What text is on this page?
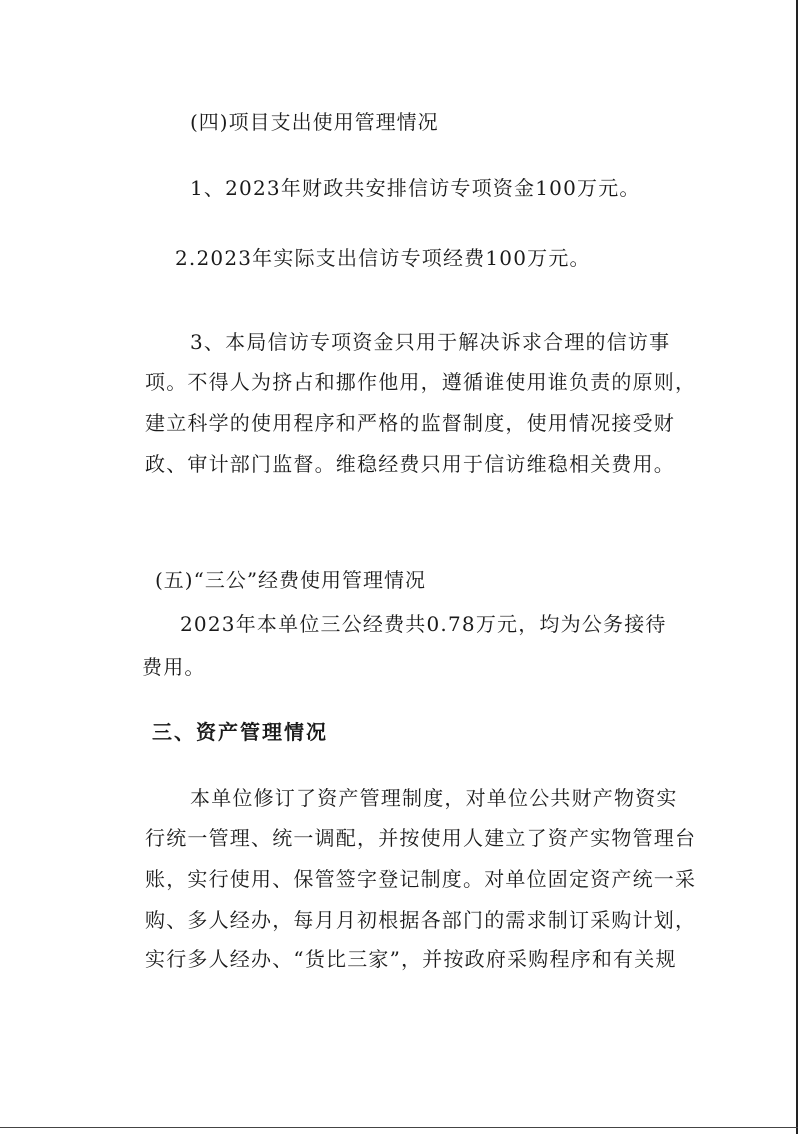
(四)项目支出使用管理情况
1、2023年财政共安排信访专项资金100万元。
2.2023年实际支出信访专项经费100万元。
3、本局信访专项资金只用于解决诉求合理的信访事
项。不得人为挤占和挪作他用，遵循谁使用谁负责的原则，
建立科学的使用程序和严格的监督制度，使用情况接受财
政、审计部门监督。维稳经费只用于信访维稳相关费用。
(五)“三公”经费使用管理情况
2023年本单位三公经费共0.78万元，均为公务接待
费用。
三、资产管理情况
本单位修订了资产管理制度，对单位公共财产物资实
行统一管理、统一调配，并按使用人建立了资产实物管理台
账，实行使用、保管签字登记制度。对单位固定资产统一采
购、多人经办，每月月初根据各部门的需求制订采购计划，
实行多人经办、“货比三家”，并按政府采购程序和有关规
